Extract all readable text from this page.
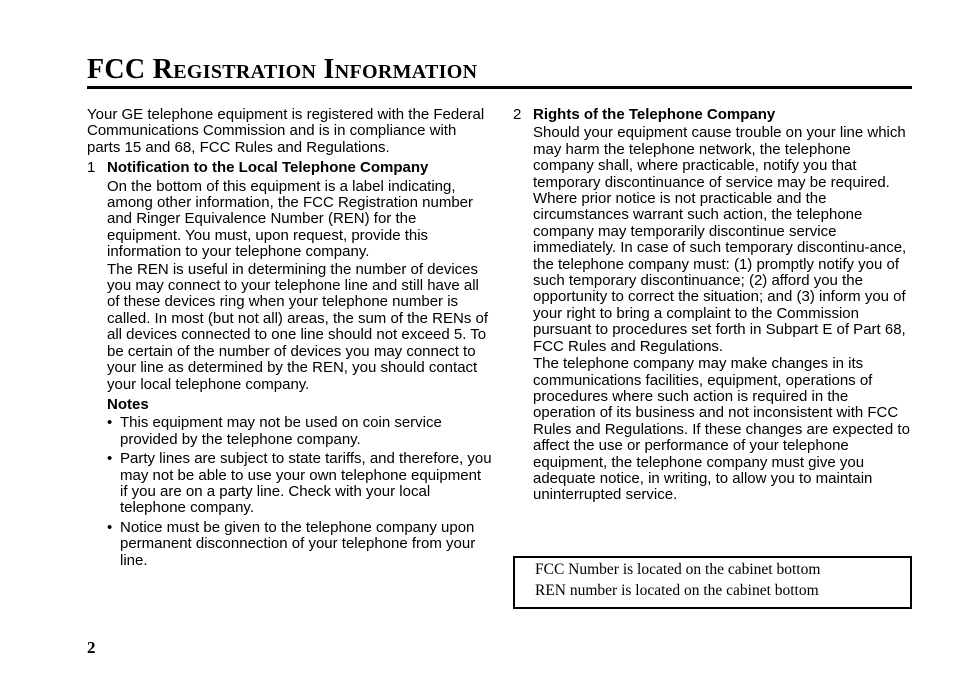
FCC Registration Information

Your GE telephone equipment is registered with the Federal Communications Commission and is in compliance with parts 15 and 68, FCC Rules and Regulations.

1 Notification to the Local Telephone Company

On the bottom of this equipment is a label indicating, among other information, the FCC Registration number and Ringer Equivalence Number (REN) for the equipment. You must, upon request, provide this information to your telephone company.

The REN is useful in determining the number of devices you may connect to your telephone line and still have all of these devices ring when your telephone number is called. In most (but not all) areas, the sum of the RENs of all devices connected to one line should not exceed 5. To be certain of the number of devices you may connect to your line as determined by the REN, you should contact your local telephone company.

Notes

• This equipment may not be used on coin service provided by the telephone company.
• Party lines are subject to state tariffs, and therefore, you may not be able to use your own telephone equipment if you are on a party line. Check with your local telephone company.
• Notice must be given to the telephone company upon permanent disconnection of your telephone from your line.
2 Rights of the Telephone Company

Should your equipment cause trouble on your line which may harm the telephone network, the telephone company shall, where practicable, notify you that temporary discontinuance of service may be required. Where prior notice is not practicable and the circumstances warrant such action, the telephone company may temporarily discontinue service immediately. In case of such temporary discontinu-ance, the telephone company must: (1) promptly notify you of such temporary discontinuance; (2) afford you the opportunity to correct the situation; and (3) inform you of your right to bring a complaint to the Commission pursuant to procedures set forth in Subpart E of Part 68, FCC Rules and Regulations.

The telephone company may make changes in its communications facilities, equipment, operations of procedures where such action is required in the operation of its business and not inconsistent with FCC Rules and Regulations. If these changes are expected to affect the use or performance of your telephone equipment, the telephone company must give you adequate notice, in writing, to allow you to maintain uninterrupted service.

FCC Number is located on the cabinet bottom

REN number is located on the cabinet bottom

2
